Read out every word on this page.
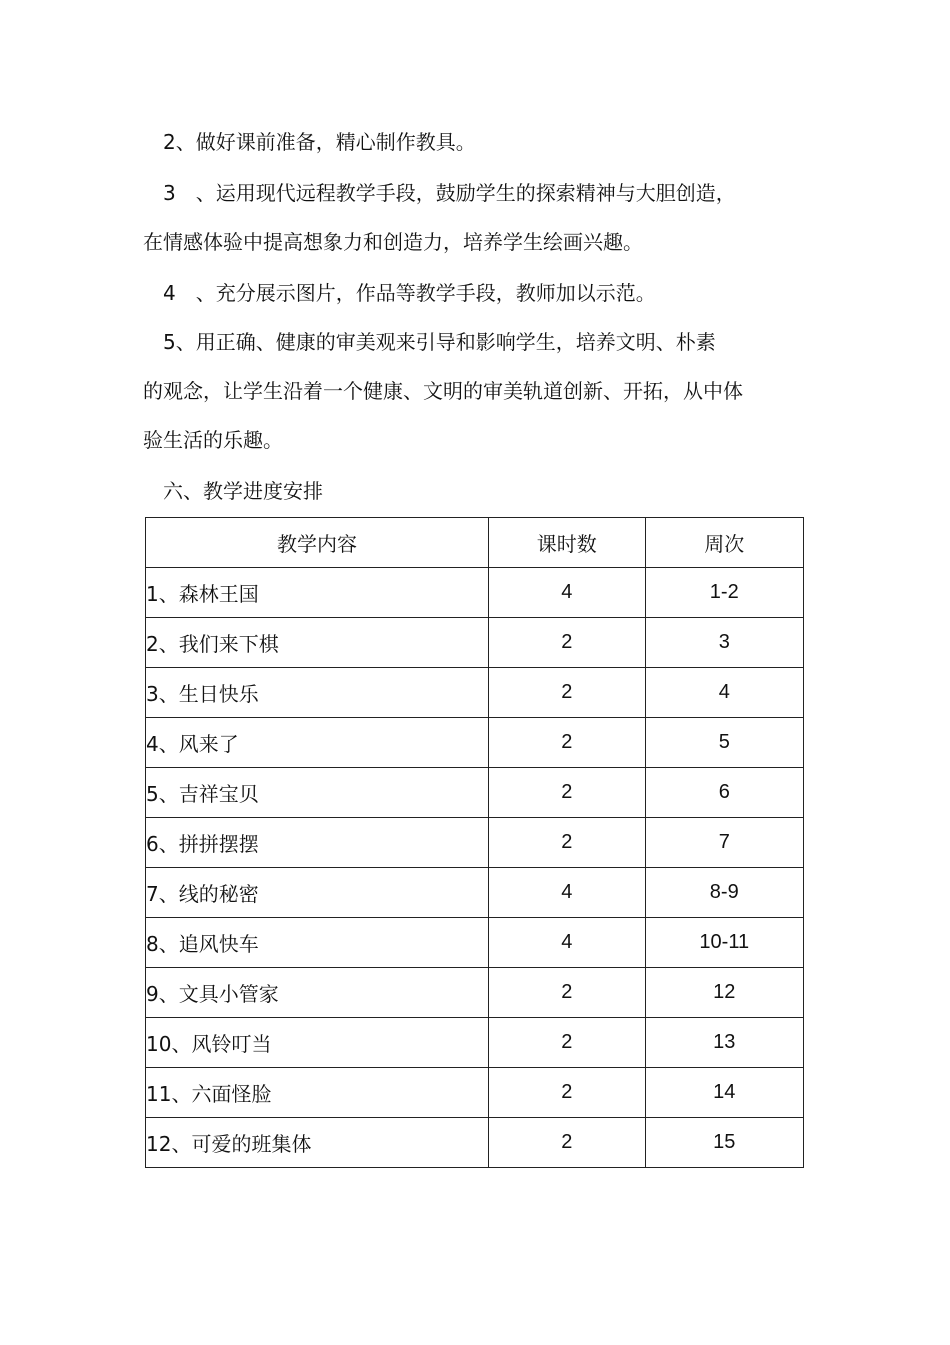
　2、做好课前准备，精心制作教具。

　3　、运用现代远程教学手段，鼓励学生的探索精神与大胆创造，
在情感体验中提高想象力和创造力，培养学生绘画兴趣。

　4　、充分展示图片，作品等教学手段，教师加以示范。

　5、用正确、健康的审美观来引导和影响学生，培养文明、朴素
的观念，让学生沿着一个健康、文明的审美轨道创新、开拓，从中体
验生活的乐趣。

　六、教学进度安排

教学内容	课时数	周次
1、森林王国	4	1-2
2、我们来下棋	2	3
3、生日快乐	2	4
4、风来了	2	5
5、吉祥宝贝	2	6
6、拼拼摆摆	2	7
7、线的秘密	4	8-9
8、追风快车	4	10-11
9、文具小管家	2	12
10、风铃叮当	2	13
11、六面怪脸	2	14
12、可爱的班集体	2	15
